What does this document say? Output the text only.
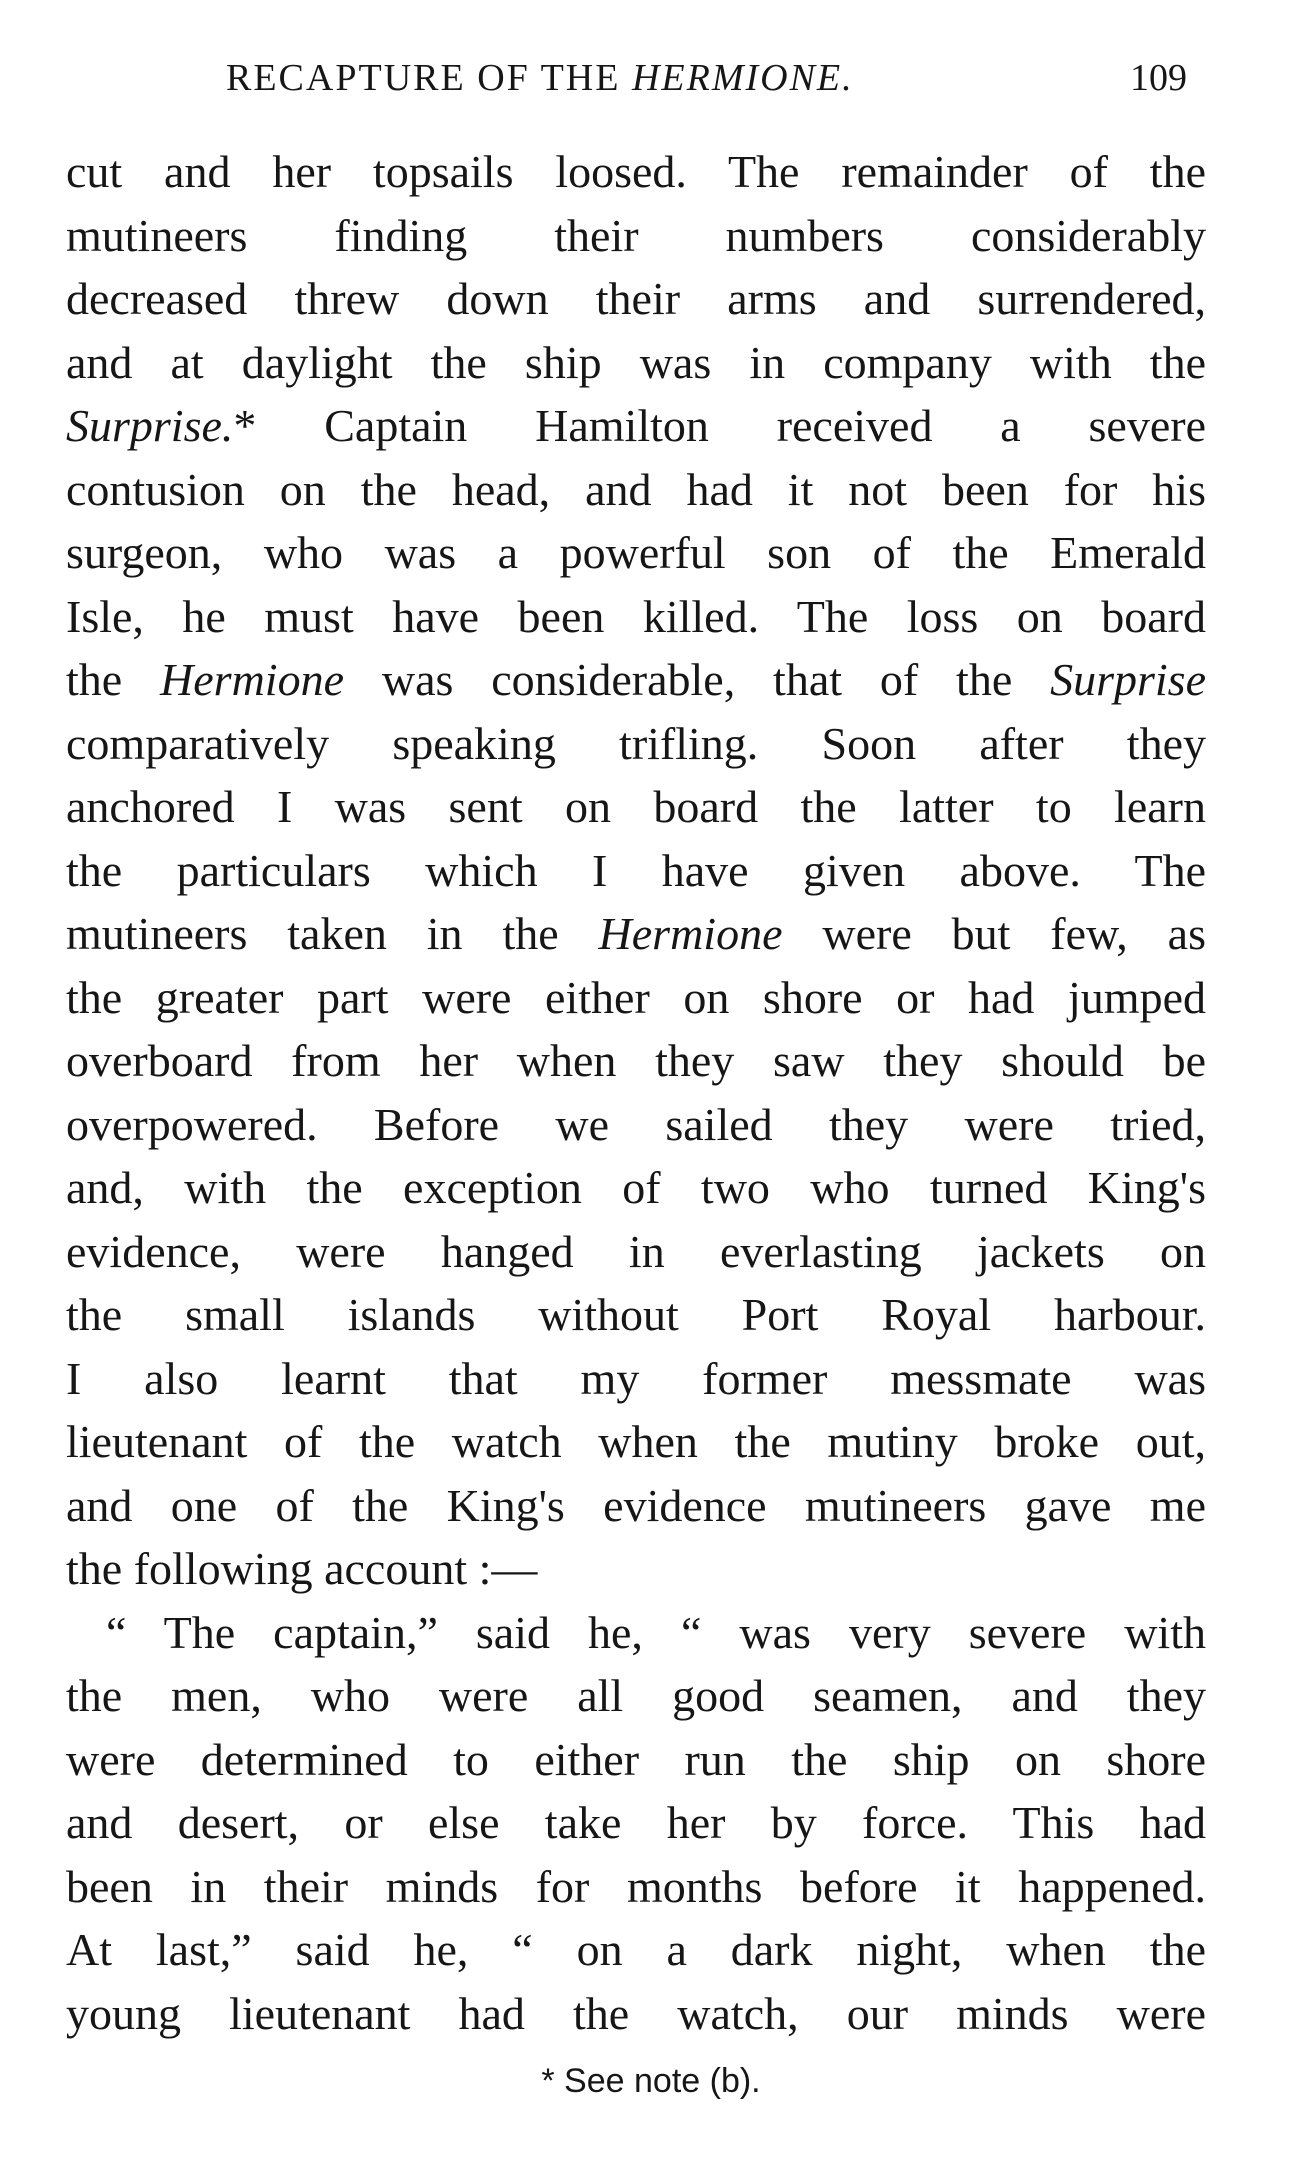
RECAPTURE OF THE HERMIONE.	109
cut and her topsails loosed. The remainder of the
mutineers finding their numbers considerably
decreased threw down their arms and surrendered,
and at daylight the ship was in company with the
Surprise.* Captain Hamilton received a severe
contusion on the head, and had it not been for his
surgeon, who was a powerful son of the Emerald
Isle, he must have been killed. The loss on board
the Hermione was considerable, that of the Surprise
comparatively speaking trifling. Soon after they
anchored I was sent on board the latter to learn
the particulars which I have given above. The
mutineers taken in the Hermione were but few, as
the greater part were either on shore or had jumped
overboard from her when they saw they should be
overpowered. Before we sailed they were tried,
and, with the exception of two who turned King's
evidence, were hanged in everlasting jackets on
the small islands without Port Royal harbour.
I also learnt that my former messmate was
lieutenant of the watch when the mutiny broke out,
and one of the King's evidence mutineers gave me
the following account :—
“ The captain,” said he, “ was very severe with
the men, who were all good seamen, and they
were determined to either run the ship on shore
and desert, or else take her by force. This had
been in their minds for months before it happened.
At last,” said he, “ on a dark night, when the
young lieutenant had the watch, our minds were
* See note (b).
